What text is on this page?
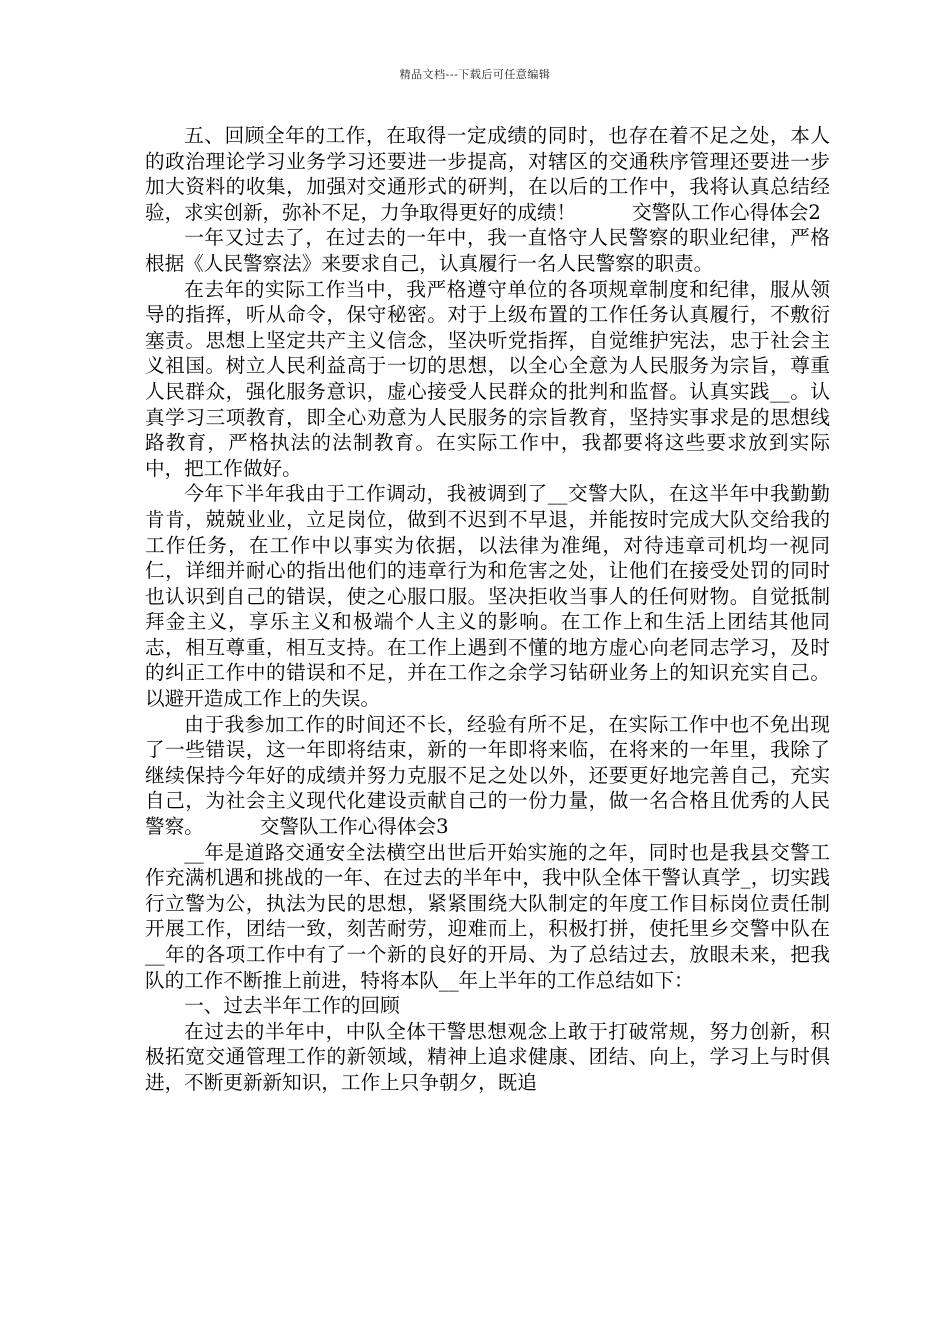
精品文档---下载后可任意编辑

五、回顾全年的工作，在取得一定成绩的同时，也存在着不足之处，本人的政治理论学习业务学习还要进一步提高，对辖区的交通秩序管理还要进一步加大资料的收集，加强对交通形式的研判，在以后的工作中，我将认真总结经验，求实创新，弥补不足，力争取得更好的成绩！	交警队工作心得体会2

一年又过去了，在过去的一年中，我一直恪守人民警察的职业纪律，严格根据《人民警察法》来要求自己，认真履行一名人民警察的职责。

在去年的实际工作当中，我严格遵守单位的各项规章制度和纪律，服从领导的指挥，听从命令，保守秘密。对于上级布置的工作任务认真履行，不敷衍塞责。思想上坚定共产主义信念，坚决听党指挥，自觉维护宪法，忠于社会主义祖国。树立人民利益高于一切的思想，以全心全意为人民服务为宗旨，尊重人民群众，强化服务意识，虚心接受人民群众的批判和监督。认真实践__。认真学习三项教育，即全心劝意为人民服务的宗旨教育，坚持实事求是的思想线路教育，严格执法的法制教育。在实际工作中，我都要将这些要求放到实际中，把工作做好。

今年下半年我由于工作调动，我被调到了__交警大队，在这半年中我勤勤肯肯，兢兢业业，立足岗位，做到不迟到不早退，并能按时完成大队交给我的工作任务，在工作中以事实为依据，以法律为准绳，对待违章司机均一视同仁，详细并耐心的指出他们的违章行为和危害之处，让他们在接受处罚的同时也认识到自己的错误，使之心服口服。坚决拒收当事人的任何财物。自觉抵制拜金主义，享乐主义和极端个人主义的影响。在工作上和生活上团结其他同志，相互尊重，相互支持。在工作上遇到不懂的地方虚心向老同志学习，及时的纠正工作中的错误和不足，并在工作之余学习钻研业务上的知识充实自己。以避开造成工作上的失误。

由于我参加工作的时间还不长，经验有所不足，在实际工作中也不免出现了一些错误，这一年即将结束，新的一年即将来临，在将来的一年里，我除了继续保持今年好的成绩并努力克服不足之处以外，还要更好地完善自己，充实自己，为社会主义现代化建设贡献自己的一份力量，做一名合格且优秀的人民警察。	交警队工作心得体会3

__年是道路交通安全法横空出世后开始实施的之年，同时也是我县交警工作充满机遇和挑战的一年、在过去的半年中，我中队全体干警认真学_，切实践行立警为公，执法为民的思想，紧紧围绕大队制定的年度工作目标岗位责任制开展工作，团结一致，刻苦耐劳，迎难而上，积极打拼，使托里乡交警中队在__年的各项工作中有了一个新的良好的开局、为了总结过去，放眼未来，把我队的工作不断推上前进，特将本队__年上半年的工作总结如下：

一、过去半年工作的回顾

在过去的半年中，中队全体干警思想观念上敢于打破常规，努力创新，积极拓宽交通管理工作的新领域，精神上追求健康、团结、向上，学习上与时俱进，不断更新新知识，工作上只争朝夕，既追
